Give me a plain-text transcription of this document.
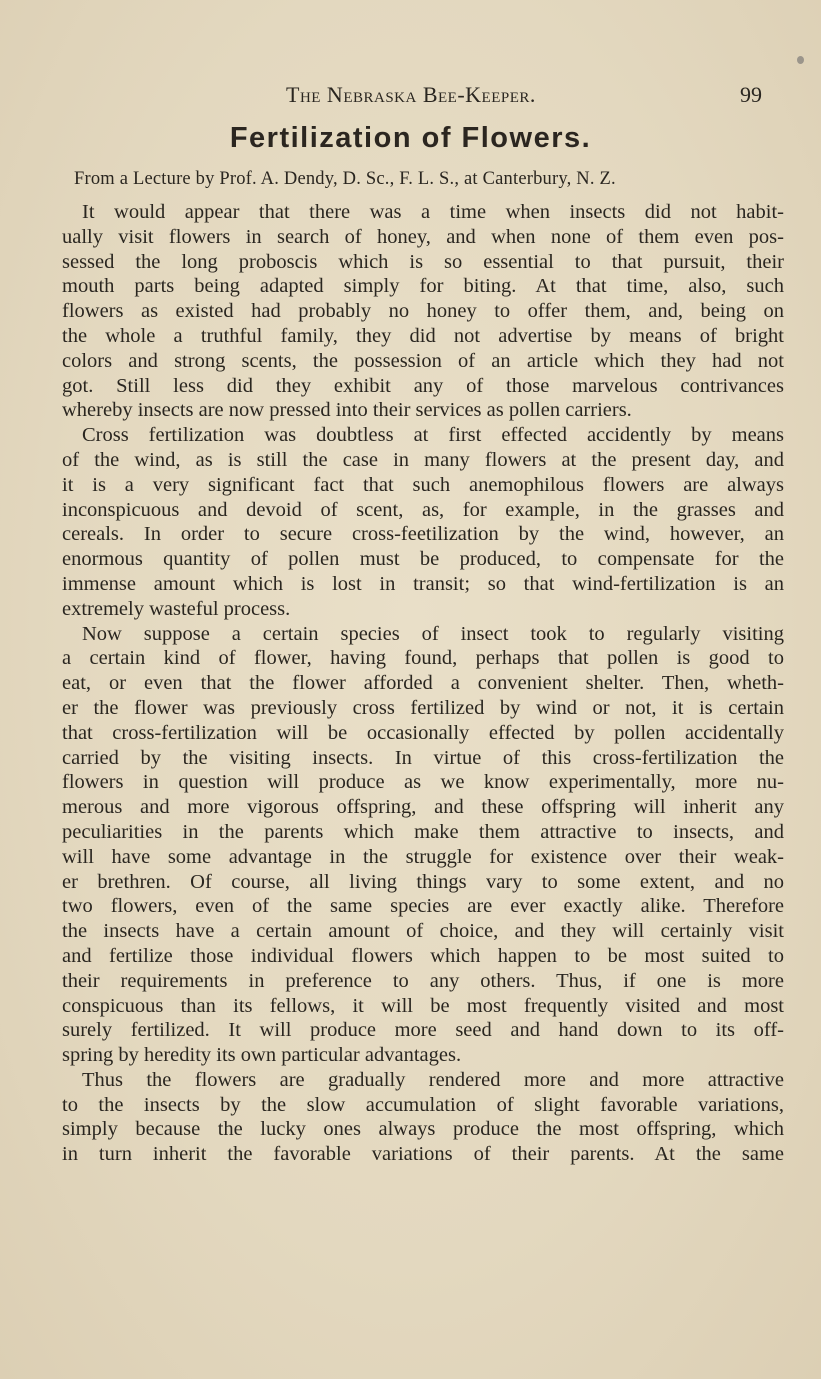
The Nebraska Bee-Keeper.	99
Fertilization of Flowers.
From a Lecture by Prof. A. Dendy, D. Sc., F. L. S., at Canterbury, N. Z.
It would appear that there was a time when insects did not habit-
ually visit flowers in search of honey, and when none of them even pos-
sessed the long proboscis which is so essential to that pursuit, their
mouth parts being adapted simply for biting. At that time, also, such
flowers as existed had probably no honey to offer them, and, being on
the whole a truthful family, they did not advertise by means of bright
colors and strong scents, the possession of an article which they had not
got. Still less did they exhibit any of those marvelous contrivances
whereby insects are now pressed into their services as pollen carriers.
Cross fertilization was doubtless at first effected accidently by means
of the wind, as is still the case in many flowers at the present day, and
it is a very significant fact that such anemophilous flowers are always
inconspicuous and devoid of scent, as, for example, in the grasses and
cereals. In order to secure cross-feetilization by the wind, however, an
enormous quantity of pollen must be produced, to compensate for the
immense amount which is lost in transit; so that wind-fertilization is an
extremely wasteful process.
Now suppose a certain species of insect took to regularly visiting
a certain kind of flower, having found, perhaps that pollen is good to
eat, or even that the flower afforded a convenient shelter. Then, wheth-
er the flower was previously cross fertilized by wind or not, it is certain
that cross-fertilization will be occasionally effected by pollen accidentally
carried by the visiting insects. In virtue of this cross-fertilization the
flowers in question will produce as we know experimentally, more nu-
merous and more vigorous offspring, and these offspring will inherit any
peculiarities in the parents which make them attractive to insects, and
will have some advantage in the struggle for existence over their weak-
er brethren. Of course, all living things vary to some extent, and no
two flowers, even of the same species are ever exactly alike. Therefore
the insects have a certain amount of choice, and they will certainly visit
and fertilize those individual flowers which happen to be most suited to
their requirements in preference to any others. Thus, if one is more
conspicuous than its fellows, it will be most frequently visited and most
surely fertilized. It will produce more seed and hand down to its off-
spring by heredity its own particular advantages.
Thus the flowers are gradually rendered more and more attractive
to the insects by the slow accumulation of slight favorable variations,
simply because the lucky ones always produce the most offspring, which
in turn inherit the favorable variations of their parents. At the same
